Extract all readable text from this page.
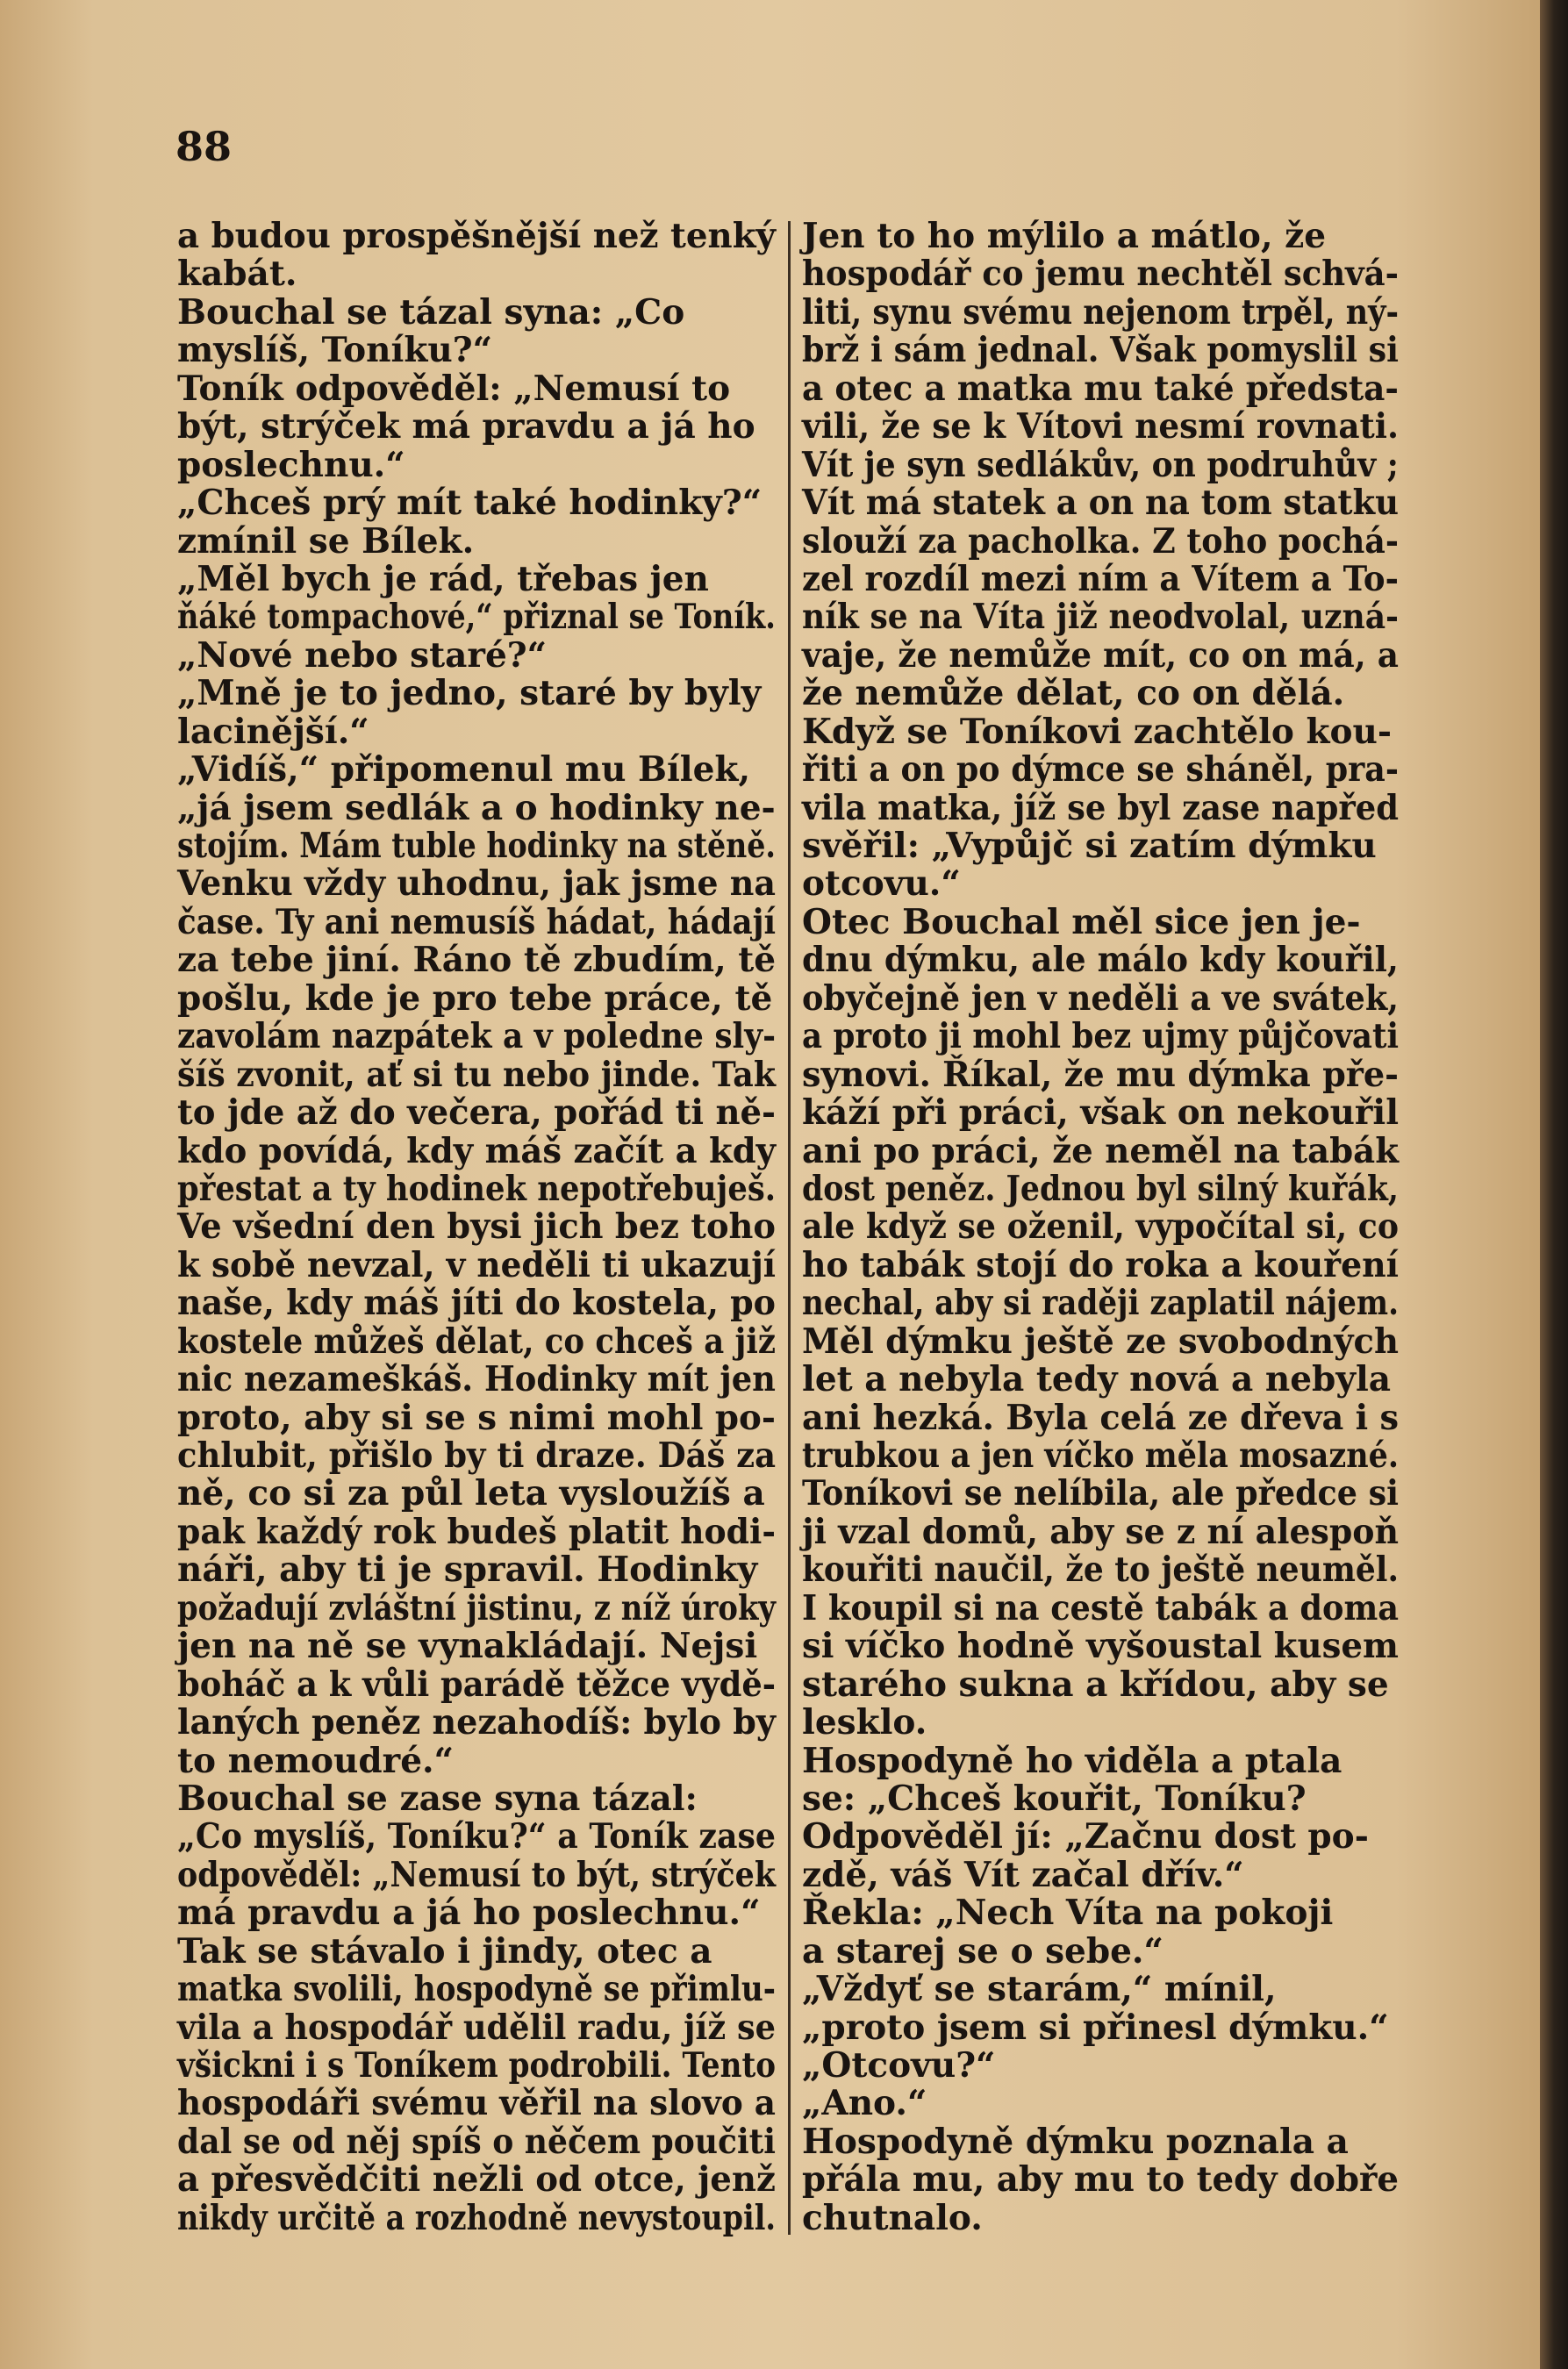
88

a budou prospěšnější než tenký
kabát.
Bouchal se tázal syna: „Co
myslíš, Toníku?“
Toník odpověděl: „Nemusí to
být, strýček má pravdu a já ho
poslechnu.“
„Chceš prý mít také hodinky?“
zmínil se Bílek.
„Měl bych je rád, třebas jen
ňáké tompachové,“ přiznal se Toník.
„Nové nebo staré?“
„Mně je to jedno, staré by byly
lacinější.“
„Vidíš,“ připomenul mu Bílek,
„já jsem sedlák a o hodinky ne-
stojím. Mám tuble hodinky na stěně.
Venku vždy uhodnu, jak jsme na
čase. Ty ani nemusíš hádat, hádají
za tebe jiní. Ráno tě zbudím, tě
pošlu, kde je pro tebe práce, tě
zavolám nazpátek a v poledne sly-
šíš zvonit, ať si tu nebo jinde. Tak
to jde až do večera, pořád ti ně-
kdo povídá, kdy máš začít a kdy
přestat a ty hodinek nepotřebuješ.
Ve všední den bysi jich bez toho
k sobě nevzal, v neděli ti ukazují
naše, kdy máš jíti do kostela, po
kostele můžeš dělat, co chceš a již
nic nezameškáš. Hodinky mít jen
proto, aby si se s nimi mohl po-
chlubit, přišlo by ti draze. Dáš za
ně, co si za půl leta vysloužíš a
pak každý rok budeš platit hodi-
náři, aby ti je spravil. Hodinky
požadují zvláštní jistinu, z níž úroky
jen na ně se vynakládají. Nejsi
boháč a k vůli parádě těžce vydě-
laných peněz nezahodíš: bylo by
to nemoudré.“
Bouchal se zase syna tázal:
„Co myslíš, Toníku?“ a Toník zase
odpověděl: „Nemusí to být, strýček
má pravdu a já ho poslechnu.“
Tak se stávalo i jindy, otec a
matka svolili, hospodyně se přimlu-
vila a hospodář udělil radu, jíž se
všickni i s Toníkem podrobili. Tento
hospodáři svému věřil na slovo a
dal se od něj spíš o něčem poučiti
a přesvědčiti nežli od otce, jenž
nikdy určitě a rozhodně nevystoupil.
Jen to ho mýlilo a mátlo, že
hospodář co jemu nechtěl schvá-
liti, synu svému nejenom trpěl, ný-
brž i sám jednal. Však pomyslil si
a otec a matka mu také předsta-
vili, že se k Vítovi nesmí rovnati.
Vít je syn sedlákův, on podruhův ;
Vít má statek a on na tom statku
slouží za pacholka. Z toho pochá-
zel rozdíl mezi ním a Vítem a To-
ník se na Víta již neodvolal, uzná-
vaje, že nemůže mít, co on má, a
že nemůže dělat, co on dělá.
Když se Toníkovi zachtělo kou-
řiti a on po dýmce se sháněl, pra-
vila matka, jíž se byl zase napřed
svěřil: „Vypůjč si zatím dýmku
otcovu.“
Otec Bouchal měl sice jen je-
dnu dýmku, ale málo kdy kouřil,
obyčejně jen v neděli a ve svátek,
a proto ji mohl bez ujmy půjčovati
synovi. Říkal, že mu dýmka pře-
káží při práci, však on nekouřil
ani po práci, že neměl na tabák
dost peněz. Jednou byl silný kuřák,
ale když se oženil, vypočítal si, co
ho tabák stojí do roka a kouření
nechal, aby si raději zaplatil nájem.
Měl dýmku ještě ze svobodných
let a nebyla tedy nová a nebyla
ani hezká. Byla celá ze dřeva i s
trubkou a jen víčko měla mosazné.
Toníkovi se nelíbila, ale předce si
ji vzal domů, aby se z ní alespoň
kouřiti naučil, že to ještě neuměl.
I koupil si na cestě tabák a doma
si víčko hodně vyšoustal kusem
starého sukna a křídou, aby se
lesklo.
Hospodyně ho viděla a ptala
se: „Chceš kouřit, Toníku?
Odpověděl jí: „Začnu dost po-
zdě, váš Vít začal dřív.“
Řekla: „Nech Víta na pokoji
a starej se o sebe.“
„Vždyť se starám,“ mínil,
„proto jsem si přinesl dýmku.“
„Otcovu?“
„Ano.“
Hospodyně dýmku poznala a
přála mu, aby mu to tedy dobře
chutnalo.
